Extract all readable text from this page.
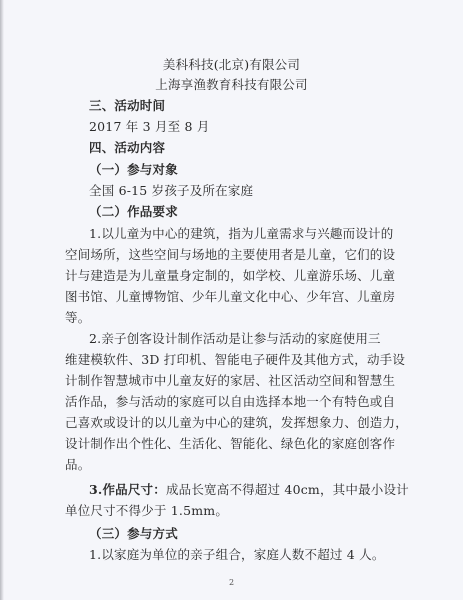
美科科技(北京)有限公司
上海享渔教育科技有限公司
三、活动时间
2017 年 3 月至 8 月
四、活动内容
（一）参与对象
全国 6-15 岁孩子及所在家庭
（二）作品要求
1.以儿童为中心的建筑，指为儿童需求与兴趣而设计的
空间场所，这些空间与场地的主要使用者是儿童，它们的设
计与建造是为儿童量身定制的，如学校、儿童游乐场、儿童
图书馆、儿童博物馆、少年儿童文化中心、少年宫、儿童房
等。
2.亲子创客设计制作活动是让参与活动的家庭使用三
维建模软件、3D 打印机、智能电子硬件及其他方式，动手设
计制作智慧城市中儿童友好的家居、社区活动空间和智慧生
活作品，参与活动的家庭可以自由选择本地一个有特色或自
己喜欢或设计的以儿童为中心的建筑，发挥想象力、创造力，
设计制作出个性化、生活化、智能化、绿色化的家庭创客作
品。
3.作品尺寸：成品长宽高不得超过 40cm，其中最小设计
单位尺寸不得少于 1.5mm。
（三）参与方式
1.以家庭为单位的亲子组合，家庭人数不超过 4 人。
2
